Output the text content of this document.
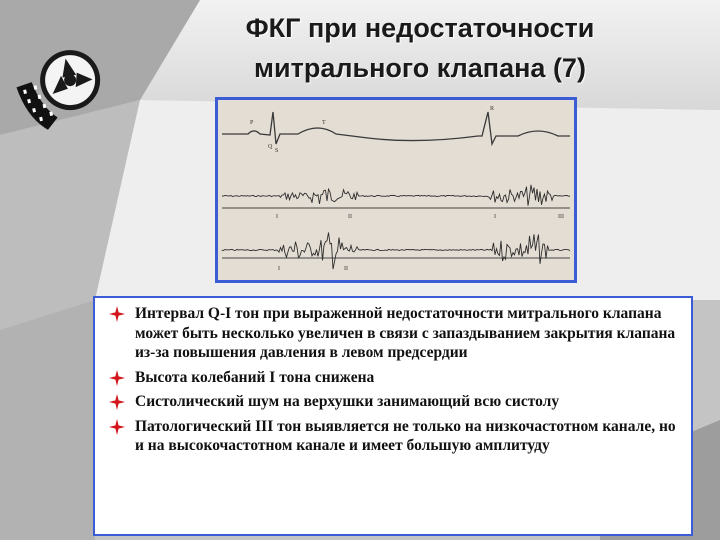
ФКГ при недостаточности
митрального клапана (7)
P
Q
S
T
R
I	II	I	III
I	II
Интервал Q-I тон при выраженной недостаточности митрального клапана может быть несколько увеличен в связи с запаздыванием закрытия клапана из-за повышения давления в левом предсердии
Высота колебаний I тона снижена
Систолический шум на верхушки занимающий всю систолу
Патологический III тон выявляется не только на низкочастотном канале, но и на высокочастотном канале и имеет большую амплитуду
